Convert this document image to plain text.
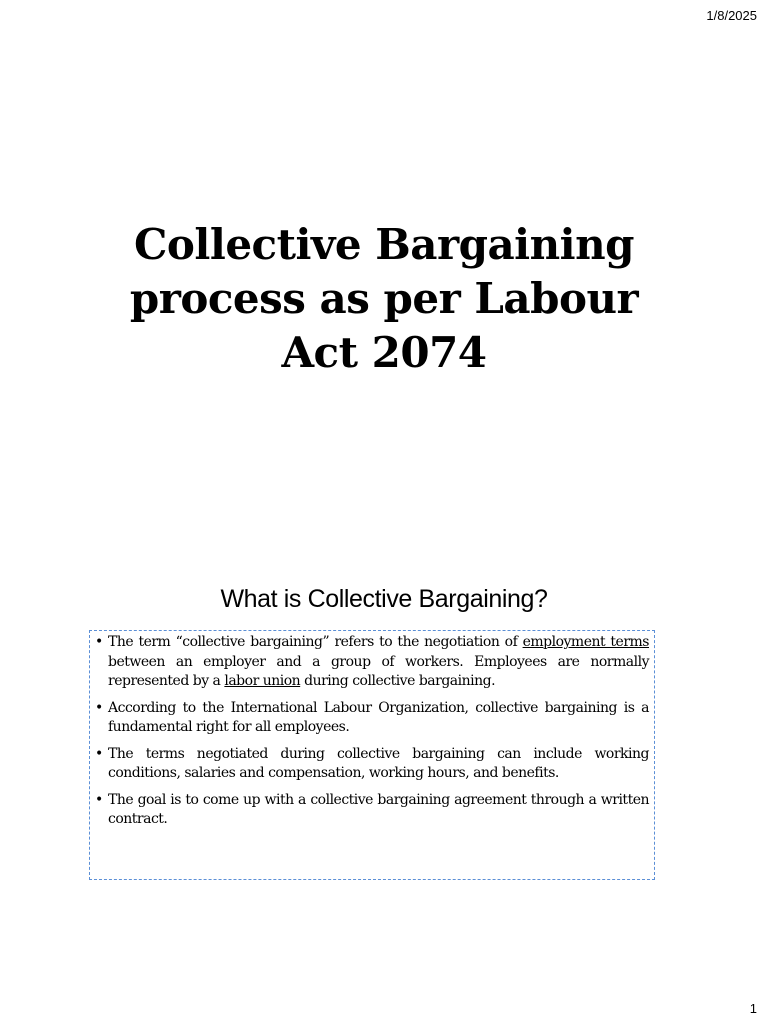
1/8/2025
Collective Bargaining
process as per Labour
Act 2074
What is Collective Bargaining?
• The term “collective bargaining” refers to the negotiation of employment terms between an employer and a group of workers. Employees are normally represented by a labor union during collective bargaining.
• According to the International Labour Organization, collective bargaining is a fundamental right for all employees.
• The terms negotiated during collective bargaining can include working conditions, salaries and compensation, working hours, and benefits.
• The goal is to come up with a collective bargaining agreement through a written contract.
1
